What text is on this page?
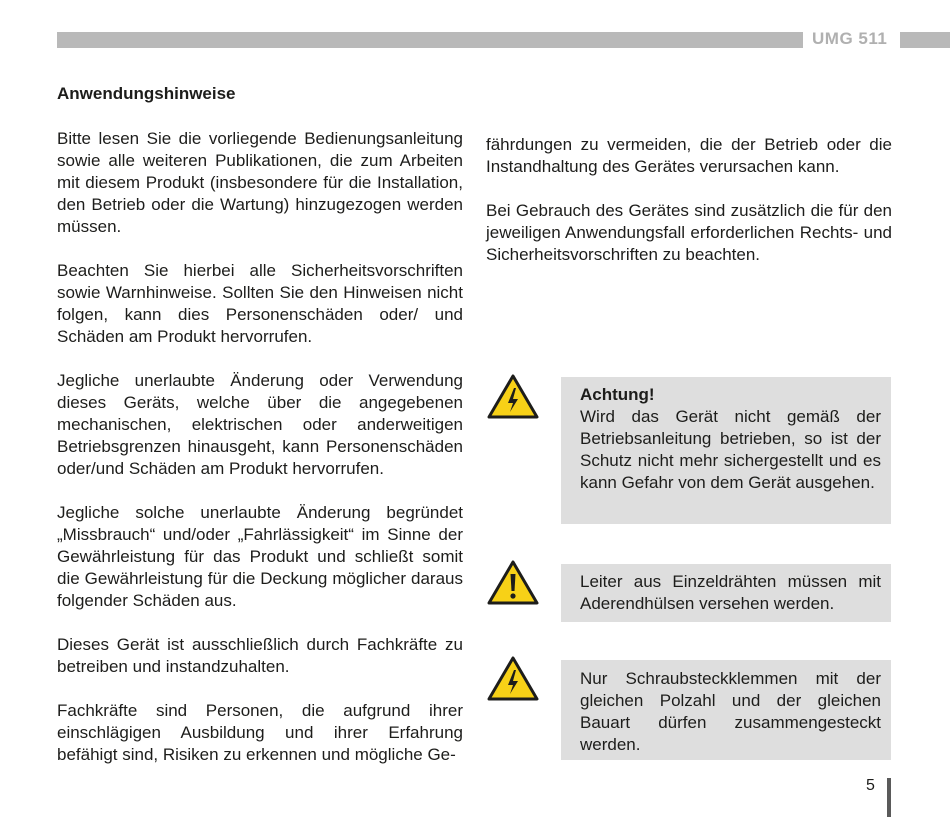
UMG 511
Anwendungshinweise

Bitte lesen Sie die vorliegende Bedienungsanleitung sowie alle weiteren Publikationen, die zum Arbeiten mit diesem Produkt (insbesondere für die Installation, den Betrieb oder die Wartung) hinzugezogen werden müssen.

Beachten Sie hierbei alle Sicherheitsvorschriften sowie Warnhinweise. Sollten Sie den Hinweisen nicht folgen, kann dies Personenschäden oder/ und Schäden am Produkt hervorrufen.

Jegliche unerlaubte Änderung oder Verwendung dieses Geräts, welche über die angegebenen mechanischen, elektrischen oder anderweitigen Betriebsgrenzen hinausgeht, kann Personenschäden oder/und Schäden am Produkt hervorrufen.

Jegliche solche unerlaubte Änderung begründet „Missbrauch“ und/oder „Fahrlässigkeit“ im Sinne der Gewährleistung für das Produkt und schließt somit die Gewährleistung für die Deckung möglicher daraus folgender Schäden aus.

Dieses Gerät ist ausschließlich durch Fachkräfte zu betreiben und instandzuhalten.

Fachkräfte sind Personen, die aufgrund ihrer einschlägigen Ausbildung und ihrer Erfahrung befähigt sind, Risiken zu erkennen und mögliche Ge-

fährdungen zu vermeiden, die der Betrieb oder die Instandhaltung des Gerätes verursachen kann.

Bei Gebrauch des Gerätes sind zusätzlich die für den jeweiligen Anwendungsfall erforderlichen Rechts- und Sicherheitsvorschriften zu beachten.

Achtung!
Wird das Gerät nicht gemäß der Betriebsanleitung betrieben, so ist der Schutz nicht mehr sichergestellt und es kann Gefahr von dem Gerät ausgehen.
Leiter aus Einzeldrähten müssen mit Aderendhülsen versehen werden.
Nur Schraubsteckklemmen mit der gleichen Polzahl und der gleichen Bauart dürfen zusammengesteckt werden.
5
